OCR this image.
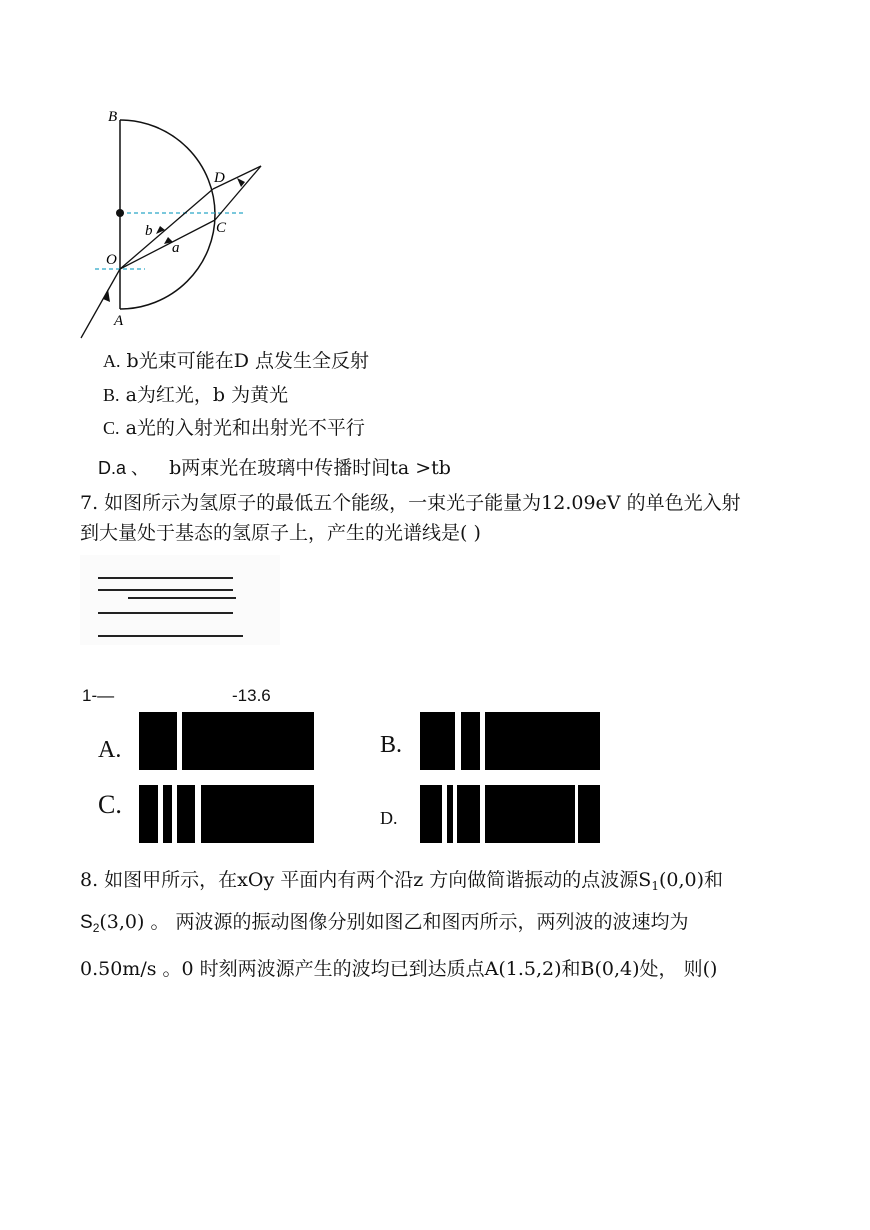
B
D
C
b
a
O
A
A. b光束可能在D 点发生全反射
B. a为红光，b 为黄光
C. a光的入射光和出射光不平行
D.a 、 b两束光在玻璃中传播时间ta >tb
7. 如图所示为氢原子的最低五个能级，一束光子能量为12.09eV 的单色光入射
到大量处于基态的氢原子上，产生的光谱线是( )
1-—	-13.6
A.	B.
C.	D.
8. 如图甲所示，在xOy 平面内有两个沿z 方向做简谐振动的点波源$S_1(0,0)$和
$S_2(3,0)$ 。 两波源的振动图像分别如图乙和图丙所示，两列波的波速均为
0.50m/s 。0 时刻两波源产生的波均已到达质点A(1.5,2)和B(0,4)处， 则()
